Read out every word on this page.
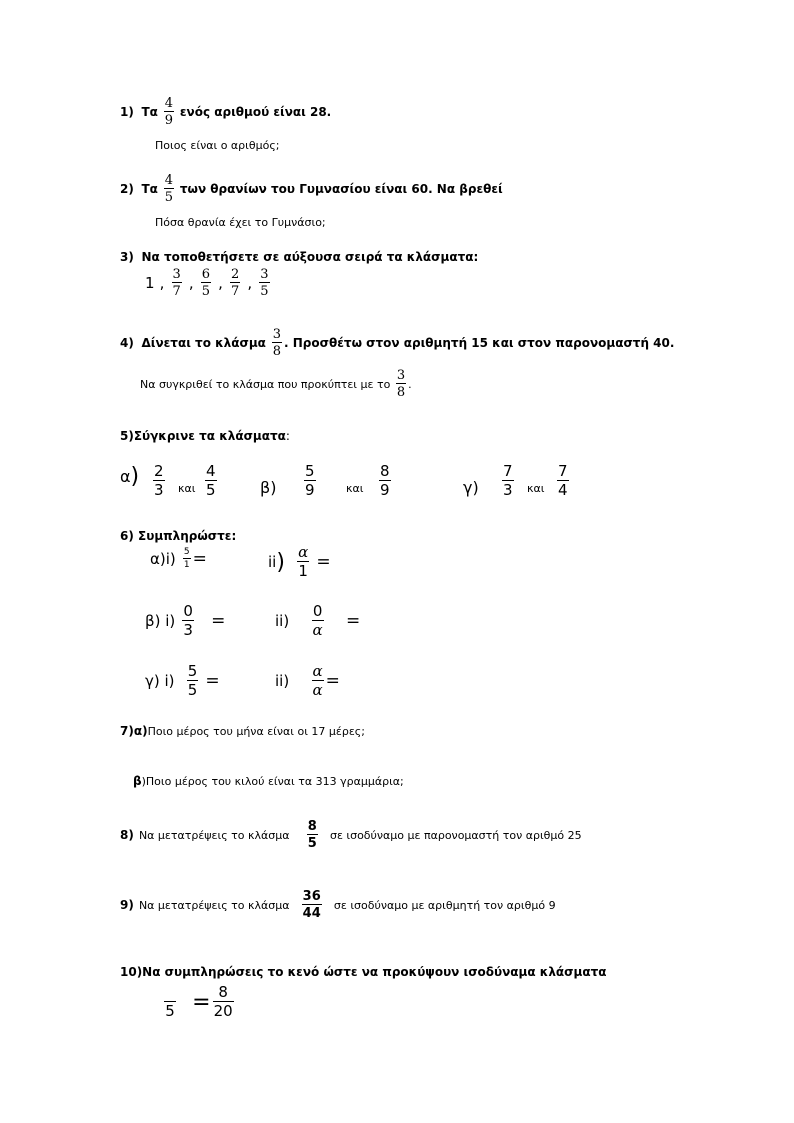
1)
Τα
$\frac{4}{9}$
ενός αριθμού είναι 28.
Ποιος είναι ο αριθμός;
2)
Τα
$\frac{4}{5}$
των θρανίων του Γυμνασίου είναι 60. Να βρεθεί
Πόσα θρανία έχει το Γυμνάσιο;
3)
Να τοποθετήσετε σε αύξουσα σειρά τα κλάσματα:
1
,
$\frac{3}{7}$
,
$\frac{6}{5}$
,
$\frac{2}{7}$
,
$\frac{3}{5}$
4)
Δίνεται το κλάσμα
$\frac{3}{8}$ . Προσθέτω στον αριθμητή 15 και στον παρονομαστή 40.
Να συγκριθεί το κλάσμα που προκύπτει με το
$\frac{3}{8}$ .
5)Σύγκρινε τα κλάσματα :
α ) $\frac{2}{3}$ και $\frac{4}{5}$	$\beta) \frac{5}{9}$	και $\frac{8}{9}$	$\gamma) \frac{7}{3}$ και $\frac{7}{4}$
6) Συμπληρώστε:
α)i)
$\frac{5}{1}$ =	ii )
$\frac{\alpha}{1}$
=
β) i)
$\frac{0}{3}$
=	ii)
$\frac{0}{\alpha}$
=
γ) i)
$\frac{5}{5}$
=	ii)
$\frac{\alpha}{\alpha}$ =
7)α) Ποιο μέρος του μήνα είναι οι 17 μέρες;
β )Ποιο μέρος του κιλού είναι τα 313 γραμμάρια;
8)
Να μετατρέψεις το κλάσμα
$\frac{8}{5}$
σε ισοδύναμο με παρονομαστή τον αριθμό 25
9)
Να μετατρέψεις το κλάσμα
$\frac{36}{44}$
σε ισοδύναμο με αριθμητή τον αριθμό 9
10)Να συμπληρώσεις το κενό ώστε να προκύψουν ισοδύναμα κλάσματα
5
= $\frac{8}{20}$
